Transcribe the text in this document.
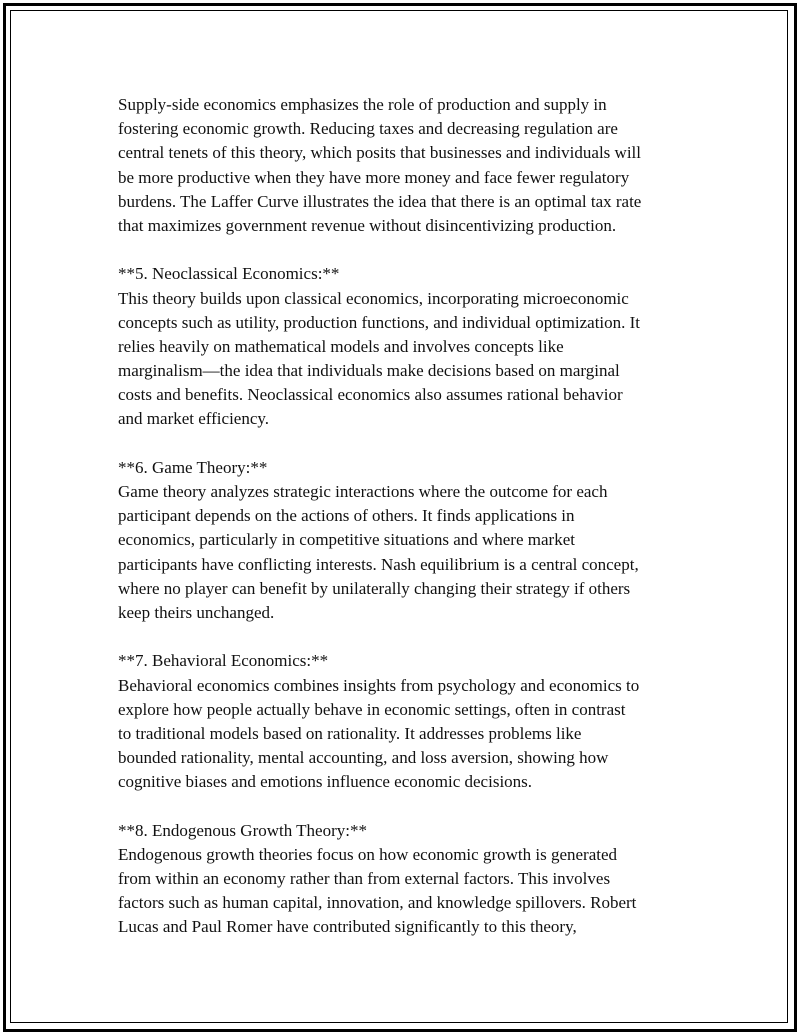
Supply-side economics emphasizes the role of production and supply in
fostering economic growth. Reducing taxes and decreasing regulation are
central tenets of this theory, which posits that businesses and individuals will
be more productive when they have more money and face fewer regulatory
burdens. The Laffer Curve illustrates the idea that there is an optimal tax rate
that maximizes government revenue without disincentivizing production.
**5. Neoclassical Economics:**
This theory builds upon classical economics, incorporating microeconomic
concepts such as utility, production functions, and individual optimization. It
relies heavily on mathematical models and involves concepts like
marginalism—the idea that individuals make decisions based on marginal
costs and benefits. Neoclassical economics also assumes rational behavior
and market efficiency.
**6. Game Theory:**
Game theory analyzes strategic interactions where the outcome for each
participant depends on the actions of others. It finds applications in
economics, particularly in competitive situations and where market
participants have conflicting interests. Nash equilibrium is a central concept,
where no player can benefit by unilaterally changing their strategy if others
keep theirs unchanged.
**7. Behavioral Economics:**
Behavioral economics combines insights from psychology and economics to
explore how people actually behave in economic settings, often in contrast
to traditional models based on rationality. It addresses problems like
bounded rationality, mental accounting, and loss aversion, showing how
cognitive biases and emotions influence economic decisions.
**8. Endogenous Growth Theory:**
Endogenous growth theories focus on how economic growth is generated
from within an economy rather than from external factors. This involves
factors such as human capital, innovation, and knowledge spillovers. Robert
Lucas and Paul Romer have contributed significantly to this theory,
